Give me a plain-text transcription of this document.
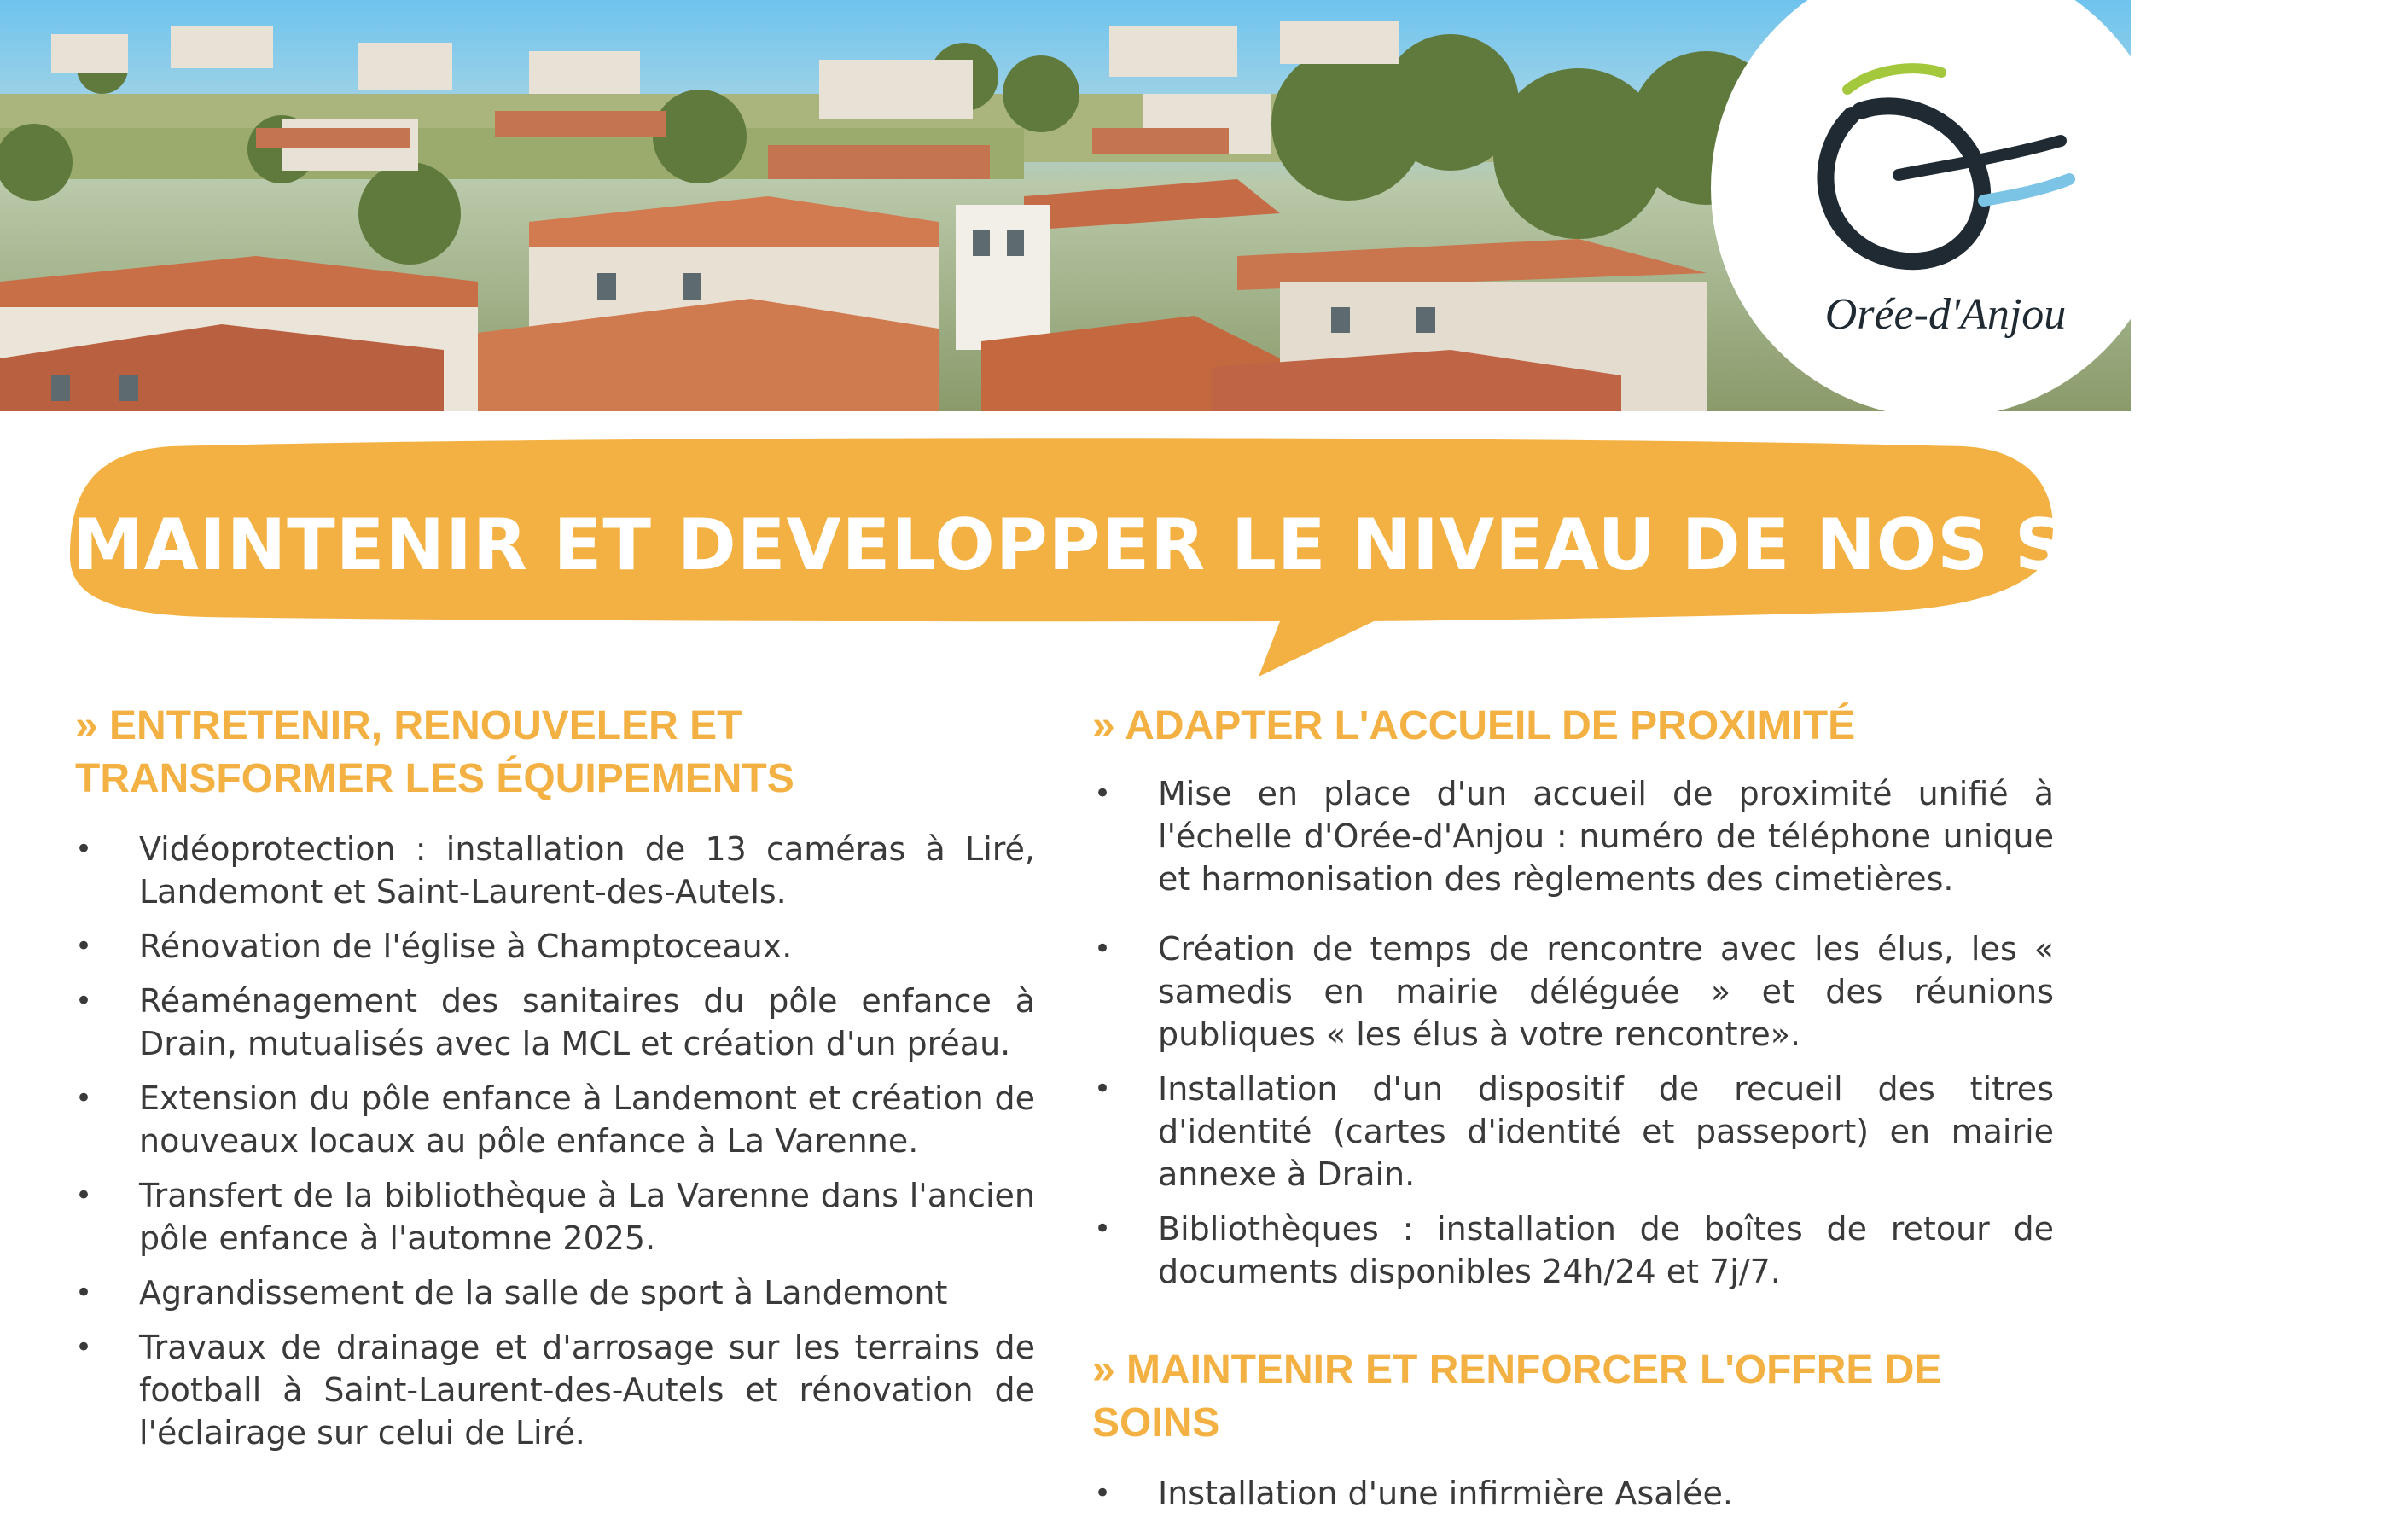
Orée-d'Anjou
MAINTENIR ET DEVELOPPER LE NIVEAU DE NOS SERVICES
» ENTRETENIR, RENOUVELER ET
TRANSFORMER LES ÉQUIPEMENTS
• Vidéoprotection : installation de 13 caméras à Liré, Landemont et Saint-Laurent-des-Autels.
• Rénovation de l'église à Champtoceaux.
• Réaménagement des sanitaires du pôle enfance à Drain, mutualisés avec la MCL et création d'un préau.
• Extension du pôle enfance à Landemont et création de nouveaux locaux au pôle enfance à La Varenne.
• Transfert de la bibliothèque à La Varenne dans l'ancien pôle enfance à l'automne 2025.
• Agrandissement de la salle de sport à Landemont
• Travaux de drainage et d'arrosage sur les terrains de football à Saint-Laurent-des-Autels et rénovation de l'éclairage sur celui de Liré.
» ADAPTER L'ACCUEIL DE PROXIMITÉ
• Mise en place d'un accueil de proximité unifié à l'échelle d'Orée-d'Anjou : numéro de téléphone unique et harmonisation des règlements des cimetières.
• Création de temps de rencontre avec les élus, les « samedis en mairie déléguée » et des réunions publiques « les élus à votre rencontre».
• Installation d'un dispositif de recueil des titres d'identité (cartes d'identité et passeport) en mairie annexe à Drain.
• Bibliothèques : installation de boîtes de retour de documents disponibles 24h/24 et 7j/7.
» MAINTENIR ET RENFORCER L'OFFRE DE
SOINS
• Installation d'une infirmière Asalée.
